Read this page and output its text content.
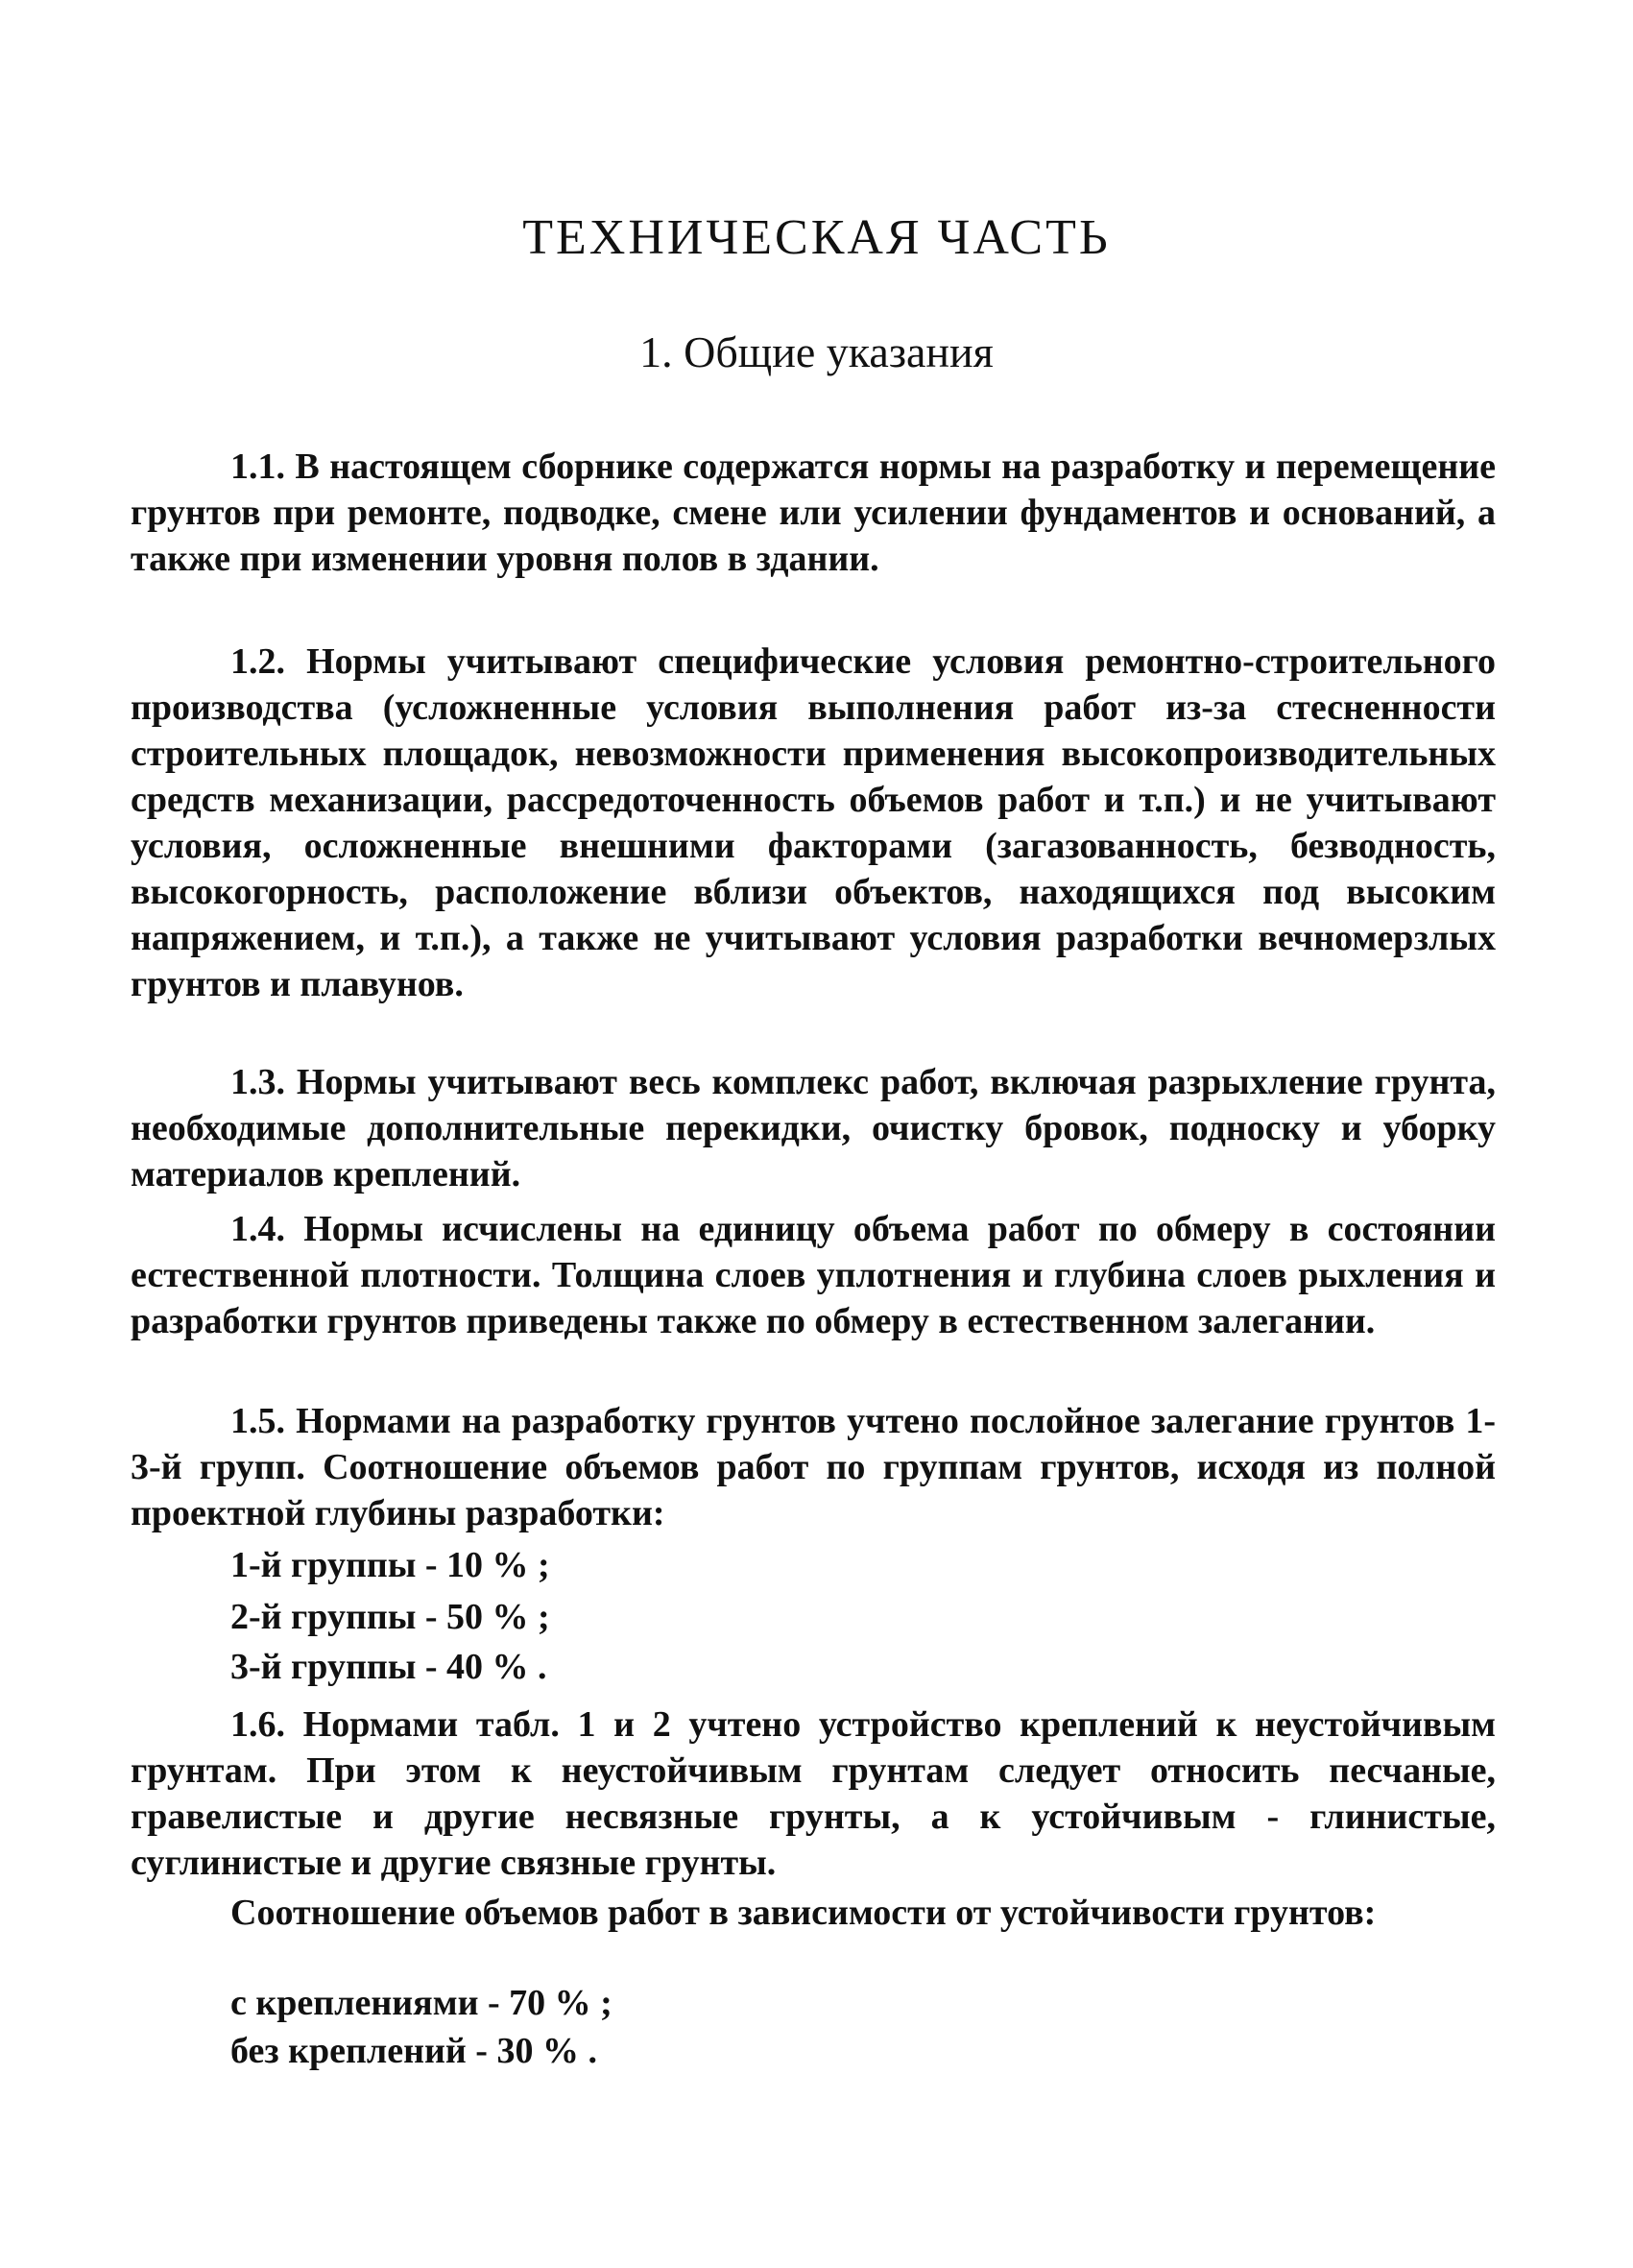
ТЕХНИЧЕСКАЯ ЧАСТЬ
1. Общие указания

1.1. В настоящем сборнике содержатся нормы на разработку и перемещение грунтов при ремонте, подводке, смене или усилении фундаментов и оснований, а также при изменении уровня полов в здании.

1.2. Нормы учитывают специфические условия ремонтно-строительного производства (усложненные условия выполнения работ из-за стесненности строительных площадок, невозможности применения высокопроизводительных средств механизации, рассредоточенность объемов работ и т.п.) и не учитывают условия, осложненные внешними факторами (загазованность, безводность, высокогорность, расположение вблизи объектов, находящихся под высоким напряжением, и т.п.), а также не учитывают условия разработки вечномерзлых грунтов и плавунов.

1.3. Нормы учитывают весь комплекс работ, включая разрыхление грунта, необходимые дополнительные перекидки, очистку бровок, подноску и уборку материалов креплений.

1.4. Нормы исчислены на единицу объема работ по обмеру в состоянии естественной плотности. Толщина слоев уплотнения и глубина слоев рыхления и разработки грунтов приведены также по обмеру в естественном залегании.

1.5. Нормами на разработку грунтов учтено послойное залегание грунтов 1-3-й групп. Соотношение объемов работ по группам грунтов, исходя из полной проектной глубины разработки:

1-й группы - 10 % ;

2-й группы - 50 % ;

3-й группы - 40 % .

1.6. Нормами табл. 1 и 2 учтено устройство креплений к неустойчивым грунтам. При этом к неустойчивым грунтам следует относить песчаные, гравелистые и другие несвязные грунты, а к устойчивым - глинистые, суглинистые и другие связные грунты.

Соотношение объемов работ в зависимости от устойчивости грунтов:

с креплениями - 70 % ;

без креплений - 30 % .
